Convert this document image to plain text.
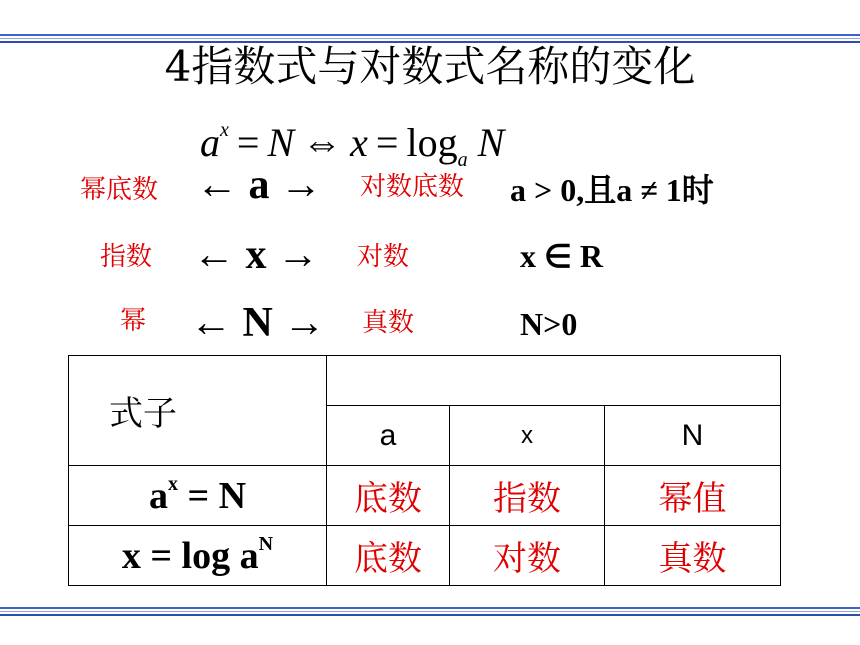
4指数式与对数式名称的变化
$a^x = N$ ⇔ $x = \log_a N$
幂底数 ← a → 对数底数 a > 0,且a ≠ 1时
指数 ← x → 对数	x ∈ R
幂 ← N → 真数	N>0
式子			
	a	x	N
$a^x = N$	底数	指数	幂值
$x = \log a^N$	底数	对数	真数
